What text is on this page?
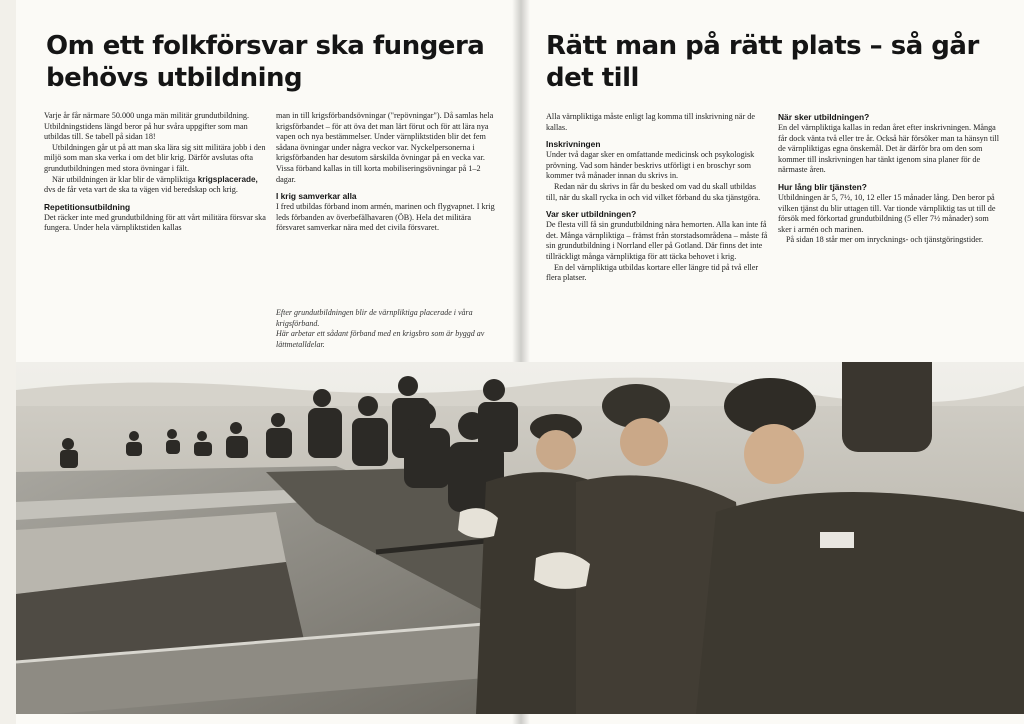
Om ett folkförsvar ska fungera behövs utbildning

Varje år får närmare 50.000 unga män militär grundutbildning. Utbildningstidens längd beror på hur svåra uppgifter som man utbildas till. Se tabell på sidan 18!

Utbildningen går ut på att man ska lära sig sitt militära jobb i den miljö som man ska verka i om det blir krig. Därför avslutas ofta grundutbildningen med stora övningar i fält.

När utbildningen är klar blir de värnpliktiga krigsplacerade, dvs de får veta vart de ska ta vägen vid beredskap och krig.

Repetitionsutbildning

Det räcker inte med grundutbildning för att vårt militära försvar ska fungera. Under hela värnpliktstiden kallas

man in till krigsförbandsövningar ("repövningar"). Då samlas hela krigsförbandet – för att öva det man lärt förut och för att lära nya vapen och nya bestämmelser. Under värnpliktstiden blir det fem sådana övningar under några veckor var. Nyckelpersonerna i krigsförbanden har desutom särskilda övningar på en vecka var. Vissa förband kallas in till korta mobiliseringsövningar på 1–2 dagar.

I krig samverkar alla

I fred utbildas förband inom armén, marinen och flygvapnet. I krig leds förbanden av överbefälhavaren (ÖB). Hela det militära försvaret samverkar nära med det civila försvaret.

Efter grundutbildningen blir de värnpliktiga placerade i våra krigsförband.

Här arbetar ett sådant förband med en krigsbro som är byggd av lättmetalldelar.

Rätt man på rätt plats – så går det till

Alla värnpliktiga måste enligt lag komma till inskrivning när de kallas.

Inskrivningen

Under två dagar sker en omfattande medicinsk och psykologisk prövning. Vad som händer beskrivs utförligt i en broschyr som kommer två månader innan du skrivs in.

Redan när du skrivs in får du besked om vad du skall utbildas till, när du skall rycka in och vid vilket förband du ska tjänstgöra.

Var sker utbildningen?

De flesta vill få sin grundutbildning nära hemorten. Alla kan inte få det. Många värnpliktiga – främst från storstadsområdena – måste få sin grundutbildning i Norrland eller på Gotland. Där finns det inte tillräckligt många värnpliktiga för att täcka behovet i krig.

En del värnpliktiga utbildas kortare eller längre tid på två eller flera platser.

När sker utbildningen?

En del värnpliktiga kallas in redan året efter inskrivningen. Många får dock vänta två eller tre år. Också här försöker man ta hänsyn till de värnpliktigas egna önskemål. Det är därför bra om den som kommer till inskrivningen har tänkt igenom sina planer för de närmaste åren.

Hur lång blir tjänsten?

Utbildningen är 5, 7½, 10, 12 eller 15 månader lång. Den beror på vilken tjänst du blir uttagen till. Var tionde värnpliktig tas ut till de försök med förkortad grundutbildning (5 eller 7½ månader) som sker i armén och marinen.

På sidan 18 står mer om inrycknings- och tjänstgöringstider.
